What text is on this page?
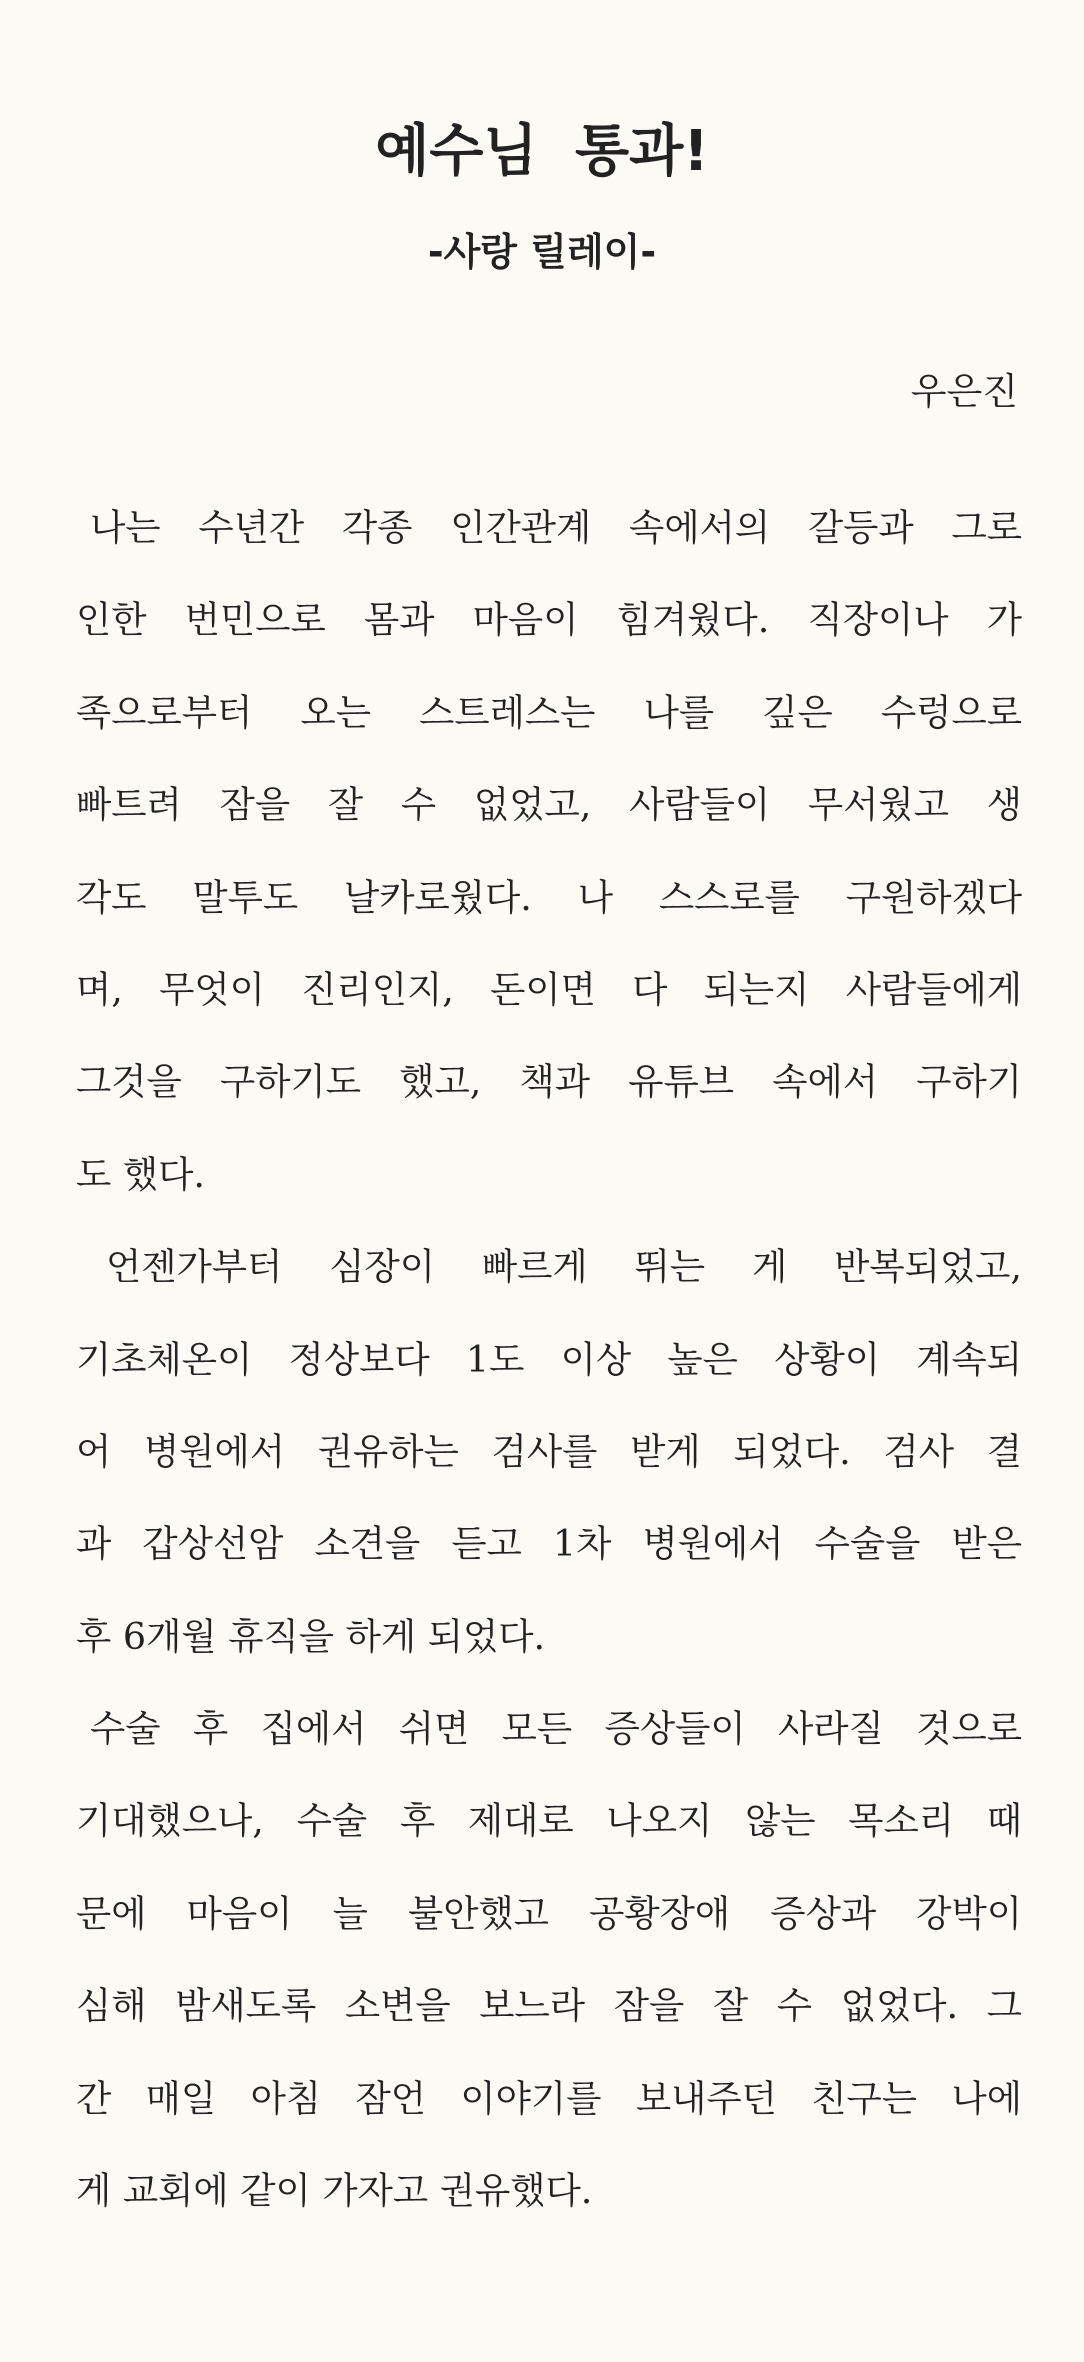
예수님 통과!
-사랑 릴레이-

우은진

나는 수년간 각종 인간관계 속에서의 갈등과 그로
인한 번민으로 몸과 마음이 힘겨웠다. 직장이나 가
족으로부터 오는 스트레스는 나를 깊은 수렁으로
빠트려 잠을 잘 수 없었고, 사람들이 무서웠고 생
각도 말투도 날카로웠다. 나 스스로를 구원하겠다
며, 무엇이 진리인지, 돈이면 다 되는지 사람들에게
그것을 구하기도 했고, 책과 유튜브 속에서 구하기
도 했다.
언젠가부터 심장이 빠르게 뛰는 게 반복되었고,
기초체온이 정상보다 1도 이상 높은 상황이 계속되
어 병원에서 권유하는 검사를 받게 되었다. 검사 결
과 갑상선암 소견을 듣고 1차 병원에서 수술을 받은
후 6개월 휴직을 하게 되었다.
수술 후 집에서 쉬면 모든 증상들이 사라질 것으로
기대했으나, 수술 후 제대로 나오지 않는 목소리 때
문에 마음이 늘 불안했고 공황장애 증상과 강박이
심해 밤새도록 소변을 보느라 잠을 잘 수 없었다. 그
간 매일 아침 잠언 이야기를 보내주던 친구는 나에
게 교회에 같이 가자고 권유했다.
